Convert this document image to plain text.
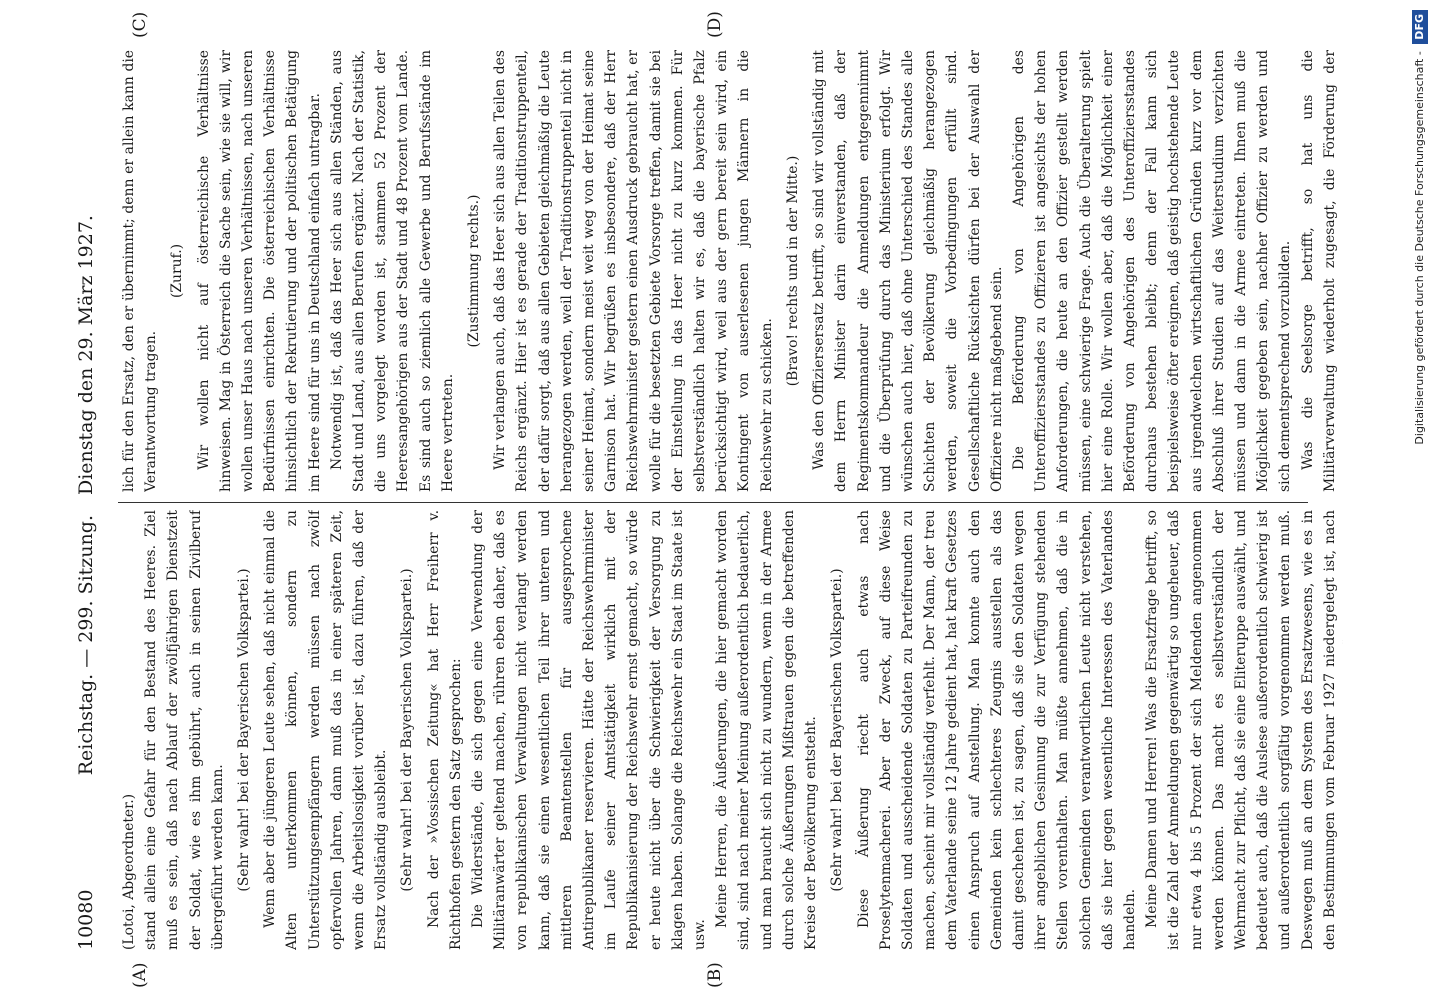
10080
Reichstag. — 299. Sitzung.
Dienstag den 29. März 1927.
(A)	(B)
(C)	(D)

(Lotoi, Abgeordneter.) stand allein eine Gefahr für den Bestand des Heeres. Ziel muß es sein, daß nach Ablauf der zwölfjährigen Dienstzeit der Soldat, wie es ihm gebührt, auch in seinen Zivilberuf übergeführt werden kann. (Sehr wahr! bei der Bayerischen Volkspartei.) Wenn aber die jüngeren Leute sehen, daß nicht einmal die Alten unterkommen können, sondern zu Unterstützungsempfängern werden müssen nach zwölf opfervollen Jahren, dann muß das in einer späteren Zeit, wenn die Arbeitslosigkeit vorüber ist, dazu führen, daß der Ersatz vollständig ausbleibt. (Sehr wahr! bei der Bayerischen Volkspartei.) Nach der »Vossischen Zeitung« hat Herr Freiherr v. Richthofen gestern den Satz gesprochen: Die Widerstände, die sich gegen eine Verwendung der Militäranwärter geltend machen, rühren eben daher, daß es von republikanischen Verwaltungen nicht verlangt werden kann, daß sie einen wesentlichen Teil ihrer unteren und mittleren Beamtenstellen für ausgesprochene Antirepublikaner reservieren. Hätte der Reichswehrminister im Laufe seiner Amtstätigkeit wirklich mit der Republikanisierung der Reichswehr ernst gemacht, so würde er heute nicht über die Schwierigkeit der Versorgung zu klagen haben. Solange die Reichswehr ein Staat im Staate ist usw.

Meine Herren, die Äußerungen, die hier gemacht worden sind, sind nach meiner Meinung außerordentlich bedauerlich, und man braucht sich nicht zu wundern, wenn in der Armee durch solche Äußerungen Mißtrauen gegen die betreffenden Kreise der Bevölkerung entsteht. (Sehr wahr! bei der Bayerischen Volkspartei.) Diese Äußerung riecht auch etwas nach Proselytenmacherei. Aber der Zweck, auf diese Weise Soldaten und ausscheidende Soldaten zu Parteifreunden zu machen, scheint mir vollständig verfehlt. Der Mann, der treu dem Vaterlande seine 12 Jahre gedient hat, hat kraft Gesetzes einen Anspruch auf Anstellung. Man konnte auch den Gemeinden kein schlechteres Zeugnis ausstellen als das damit geschehen ist, zu sagen, daß sie den Soldaten wegen ihrer angeblichen Gesinnung die zur Verfügung stehenden Stellen vorenthalten. Man müßte annehmen, daß die in solchen Gemeinden verantwortlichen Leute nicht verstehen, daß sie hier gegen wesentliche Interessen des Vaterlandes handeln. Meine Damen und Herren! Was die Ersatzfrage betrifft, so ist die Zahl der Anmeldungen gegenwärtig so ungeheuer, daß nur etwa 4 bis 5 Prozent der sich Meldenden angenommen werden können. Das macht es selbstverständlich der Wehrmacht zur Pflicht, daß sie eine Eliteruppe auswählt, und bedeutet auch, daß die Auslese außerordentlich schwierig ist und außerordentlich sorgfältig vorgenommen werden muß. Deswegen muß an dem System des Ersatzwesens, wie es in den Bestimmungen vom Februar 1927 niedergelegt ist, nach

lich für den Ersatz, den er übernimmt; denn er allein kann die Verantwortung tragen.

(Zuruf.) Wir wollen nicht auf österreichische Verhältnisse hinweisen. Mag in Österreich die Sache sein, wie sie will, wir wollen unser Haus nach unseren Verhältnissen, nach unseren Bedürfnissen einrichten. Die österreichischen Verhältnisse hinsichtlich der Rekrutierung und der politischen Betätigung im Heere sind für uns in Deutschland einfach untragbar. Notwendig ist, daß das Heer sich aus allen Ständen, aus Stadt und Land, aus allen Berufen ergänzt. Nach der Statistik, die uns vorgelegt worden ist, stammen 52 Prozent der Heeresangehörigen aus der Stadt und 48 Prozent vom Lande. Es sind auch so ziemlich alle Gewerbe und Berufsstände im Heere vertreten.

(Zustimmung rechts.) Wir verlangen auch, daß das Heer sich aus allen Teilen des Reichs ergänzt. Hier ist es gerade der Traditionstruppenteil, der dafür sorgt, daß aus allen Gebieten gleichmäßig die Leute herangezogen werden, weil der Traditionstruppenteil nicht in seiner Heimat, sondern meist weit weg von der Heimat seine Garnison hat. Wir begrüßen es insbesondere, daß der Herr Reichswehrminister gestern einen Ausdruck gebraucht hat, er wolle für die besetzten Gebiete Vorsorge treffen, damit sie bei der Einstellung in das Heer nicht zu kurz kommen. Für selbstverständlich halten wir es, daß die bayerische Pfalz berücksichtigt wird, weil aus der gern bereit sein wird, ein Kontingent von auserlesenen jungen Männern in die Reichswehr zu schicken.

(Bravo! rechts und in der Mitte.) Was den Offiziersersatz betrifft, so sind wir vollständig mit dem Herrn Minister darin einverstanden, daß der Regimentskommandeur die Anmeldungen entgegennimmt und die Überprüfung durch das Ministerium erfolgt. Wir wünschen auch hier, daß ohne Unterschied des Standes alle Schichten der Bevölkerung gleichmäßig herangezogen werden, soweit die Vorbedingungen erfüllt sind. Gesellschaftliche Rücksichten dürfen bei der Auswahl der Offiziere nicht maßgebend sein. Die Beförderung von Angehörigen des Unteroffiziersstandes zu Offizieren ist angesichts der hohen Anforderungen, die heute an den Offizier gestellt werden müssen, eine schwierige Frage. Auch die Überalterung spielt hier eine Rolle. Wir wollen aber, daß die Möglichkeit einer Beförderung von Angehörigen des Unteroffiziersstandes durchaus bestehen bleibt; denn der Fall kann sich beispielsweise öfter ereignen, daß geistig hochstehende Leute aus irgendwelchen wirtschaftlichen Gründen kurz vor dem Abschluß ihrer Studien auf das Weiterstudium verzichten müssen und dann in die Armee eintreten. Ihnen muß die Möglichkeit gegeben sein, nachher Offizier zu werden und sich dementsprechend vorzubilden. Was die Seelsorge betrifft, so hat uns die Militärverwaltung wiederholt zugesagt, die Förderung der	Digitalisierung gefördert durch die Deutsche Forschungsgemeinschaft - DFG
